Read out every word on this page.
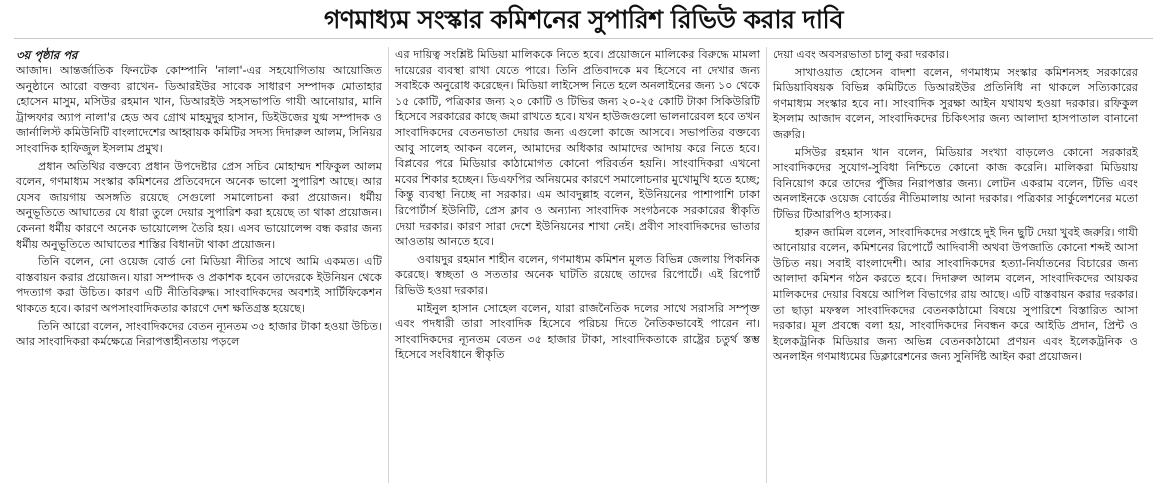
গণমাধ্যম সংস্কার কমিশনের সুপারিশ রিভিউ করার দাবি
৩য় পৃষ্ঠার পর

আজাদ। আন্তর্জাতিক ফিনটেক কোম্পানি 'নালা'-এর সহযোগিতায় আয়োজিত অনুষ্ঠানে আরো বক্তব্য রাখেন- ডিআরইউর সাবেক সাধারণ সম্পাদক মোতাহার হোসেন মাসুম, মসিউর রহমান খান, ডিআরইউ সহসভাপতি গাযী আনোয়ার, মানি ট্রান্সফার অ্যাপ নালা'র হেড অব গ্রোথ মাহমুদুর হাসান, ডিইউজের যুগ্ম সম্পাদক ও জার্নালিস্ট কমিউনিটি বাংলাদেশের আহ্বায়ক কমিটির সদস্য দিদারুল আলম, সিনিয়র সাংবাদিক হাফিজুল ইসলাম প্রমুখ।

প্রধান অতিথির বক্তব্যে প্রধান উপদেষ্টার প্রেস সচিব মোহাম্মদ শফিকুল আলম বলেন, গণমাধ্যম সংস্কার কমিশনের প্রতিবেদনে অনেক ভালো সুপারিশ আছে। আর যেসব জায়গায় অসঙ্গতি রয়েছে সেগুলো সমালোচনা করা প্রয়োজন। ধর্মীয় অনুভূতিতে আঘাতের যে ধারা তুলে দেয়ার সুপারিশ করা হয়েছে তা থাকা প্রয়োজন। কেননা ধর্মীয় কারণে অনেক ভায়োলেন্স তৈরি হয়। এসব ভায়োলেন্স বন্ধ করার জন্য ধর্মীয় অনুভূতিতে আঘাতের শাস্তির বিধানটা থাকা প্রয়োজন।

তিনি বলেন, নো ওয়েজ বোর্ড নো মিডিয়া নীতির সাথে আমি একমত। এটি বাস্তবায়ন করার প্রয়োজন। যারা সম্পাদক ও প্রকাশক হবেন তাদেরকে ইউনিয়ন থেকে পদত্যাগ করা উচিত। কারণ এটি নীতিবিরুদ্ধ। সাংবাদিকদের অবশ্যই সার্টিফিকেশন থাকতে হবে। কারণ অপসাংবাদিকতার কারণে দেশ ক্ষতিগ্রস্ত হয়েছে।

তিনি আরো বলেন, সাংবাদিকদের বেতন ন্যূনতম ৩৫ হাজার টাকা হওয়া উচিত। আর সাংবাদিকরা কর্মক্ষেত্রে নিরাপত্তাহীনতায় পড়লে

এর দায়িত্ব সংশ্লিষ্ট মিডিয়া মালিককে নিতে হবে। প্রয়োজনে মালিকের বিরুদ্ধে মামলা দায়েরের ব্যবস্থা রাখা যেতে পারে। তিনি প্রতিবাদকে মব হিসেবে না দেখার জন্য সবাইকে অনুরোধ করেছেন। মিডিয়া লাইসেন্স নিতে হলে অনলাইনের জন্য ১০ থেকে ১৫ কোটি, পত্রিকার জন্য ২০ কোটি ও টিভির জন্য ২০-২৫ কোটি টাকা সিকিউরিটি হিসেবে সরকারের কাছে জমা রাখতে হবে। যখন হাউজগুলো ভালনারেবল হবে তখন সাংবাদিকদের বেতনভাতা দেয়ার জন্য এগুলো কাজে আসবে। সভাপতির বক্তব্যে আবু সালেহ আকন বলেন, আমাদের অধিকার আমাদের আদায় করে নিতে হবে। বিপ্লবের পরে মিডিয়ার কাঠামোগত কোনো পরিবর্তন হয়নি। সাংবাদিকরা এখনো মবের শিকার হচ্ছেন। ডিএফপির অনিয়মের কারণে সমালোচনার মুখোমুখি হতে হচ্ছে; কিন্তু ব্যবস্থা নিচ্ছে না সরকার। এম আবদুল্লাহ বলেন, ইউনিয়নের পাশাপাশি ঢাকা রিপোর্টার্স ইউনিটি, প্রেস ক্লাব ও অন্যান্য সাংবাদিক সংগঠনকে সরকারের স্বীকৃতি দেয়া দরকার। কারণ সারা দেশে ইউনিয়নের শাখা নেই। প্রবীণ সাংবাদিকদের ভাতার আওতায় আনতে হবে।

ওবায়দুর রহমান শাহীন বলেন, গণমাধ্যম কমিশন মূলত বিভিন্ন জেলায় পিকনিক করেছে। স্বচ্ছতা ও সততার অনেক ঘাটতি রয়েছে তাদের রিপোর্টে। এই রিপোর্ট রিভিউ হওয়া দরকার।

মাইনুল হাসান সোহেল বলেন, যারা রাজনৈতিক দলের সাথে সরাসরি সম্পৃক্ত এবং পদধারী তারা সাংবাদিক হিসেবে পরিচয় দিতে নৈতিকভাবেই পারেন না। সাংবাদিকদের ন্যূনতম বেতন ৩৫ হাজার টাকা, সাংবাদিকতাকে রাষ্ট্রের চতুর্থ স্তম্ভ হিসেবে সংবিধানে স্বীকৃতি

দেয়া এবং অবসরভাতা চালু করা দরকার।

সাখাওয়াত হোসেন বাদশা বলেন, গণমাধ্যম সংস্কার কমিশনসহ সরকারের মিডিয়াবিষয়ক বিভিন্ন কমিটিতে ডিআরইউর প্রতিনিধি না থাকলে সত্যিকারের গণমাধ্যম সংস্কার হবে না। সাংবাদিক সুরক্ষা আইন যথাযথ হওয়া দরকার। রফিকুল ইসলাম আজাদ বলেন, সাংবাদিকদের চিকিৎসার জন্য আলাদা হাসপাতাল বানানো জরুরি।

মসিউর রহমান খান বলেন, মিডিয়ার সংখ্যা বাড়লেও কোনো সরকারই সাংবাদিকদের সুযোগ-সুবিধা নিশ্চিতে কোনো কাজ করেনি। মালিকরা মিডিয়ায় বিনিয়োগ করে তাদের পুঁজির নিরাপত্তার জন্য। লোটন একরাম বলেন, টিভি এবং অনলাইনকে ওয়েজ বোর্ডের নীতিমালায় আনা দরকার। পত্রিকার সার্কুলেশনের মতো টিভির টিআরপিও হাস্যকর।

হারুন জামিল বলেন, সাংবাদিকদের সপ্তাহে দুই দিন ছুটি দেয়া খুবই জরুরি। গাযী আনোয়ার বলেন, কমিশনের রিপোর্টে আদিবাসী অথবা উপজাতি কোনো শব্দই আসা উচিত নয়। সবাই বাংলাদেশী। আর সাংবাদিকদের হত্যা-নির্যাতনের বিচারের জন্য আলাদা কমিশন গঠন করতে হবে। দিদারুল আলম বলেন, সাংবাদিকদের আয়কর মালিকদের দেয়ার বিষয়ে আপিল বিভাগের রায় আছে। এটি বাস্তবায়ন করার দরকার। তা ছাড়া মফস্বল সাংবাদিকদের বেতনকাঠামো বিষয়ে সুপারিশে বিস্তারিত আসা দরকার। মূল প্রবন্ধে বলা হয়, সাংবাদিকদের নিবন্ধন করে আইডি প্রদান, প্রিন্ট ও ইলেকট্রনিক মিডিয়ার জন্য অভিন্ন বেতনকাঠামো প্রণয়ন এবং ইলেকট্রনিক ও অনলাইন গণমাধ্যমের ডিক্লারেশনের জন্য সুনির্দিষ্ট আইন করা প্রয়োজন।
